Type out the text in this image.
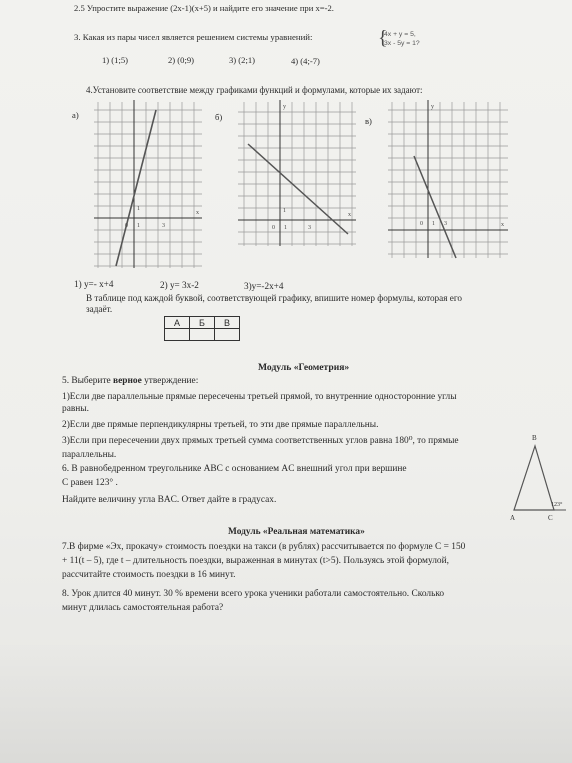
2.5 Упростите выражение (2x-1)(x+5) и найдите его значение при x=-2.
3. Какая из пары чисел является решением системы уравнений:	{
4x + y = 5,
3x - 5y = 1?
1) (1;5)	2) (0;9)	3) (2;1)	4) (4;-7)
4.Установите соответствие между графиками функций и формулами, которые их задают:
а)	б)	в)
0 1	3
1
x
0 1	3
1
y
x
0 1 3
y
x
1) y=- x+4	2) y= 3x-2	3)y=-2x+4
В таблице под каждой буквой, соответствующей графику, впишите номер формулы, которая его
задаёт.
А	Б	В

Модуль «Геометрия»
5. Выберите верное утверждение:
1)Если две параллельные прямые пересечены третьей прямой, то внутренние односторонние углы
равны.
2)Если две прямые перпендикулярны третьей, то эти две прямые параллельны.
3)Если при пересечении двух прямых третьей сумма соответственных углов равна 180⁰, то прямые
параллельны.
6. В равнобедренном треугольнике ABC с основанием AC внешний угол при вершине
C равен 123° .
Найдите величину угла BAC. Ответ дайте в градусах.
B
A	C
123°
Модуль «Реальная математика»
7.В фирме «Эх, прокачу» стоимость поездки на такси (в рублях) рассчитывается по формуле C = 150
+ 11(t – 5), где t – длительность поездки, выраженная в минутах (t>5). Пользуясь этой формулой,
рассчитайте стоимость поездки в 16 минут.
8. Урок длится 40 минут. 30 % времени всего урока ученики работали самостоятельно. Сколько
минут длилась самостоятельная работа?
